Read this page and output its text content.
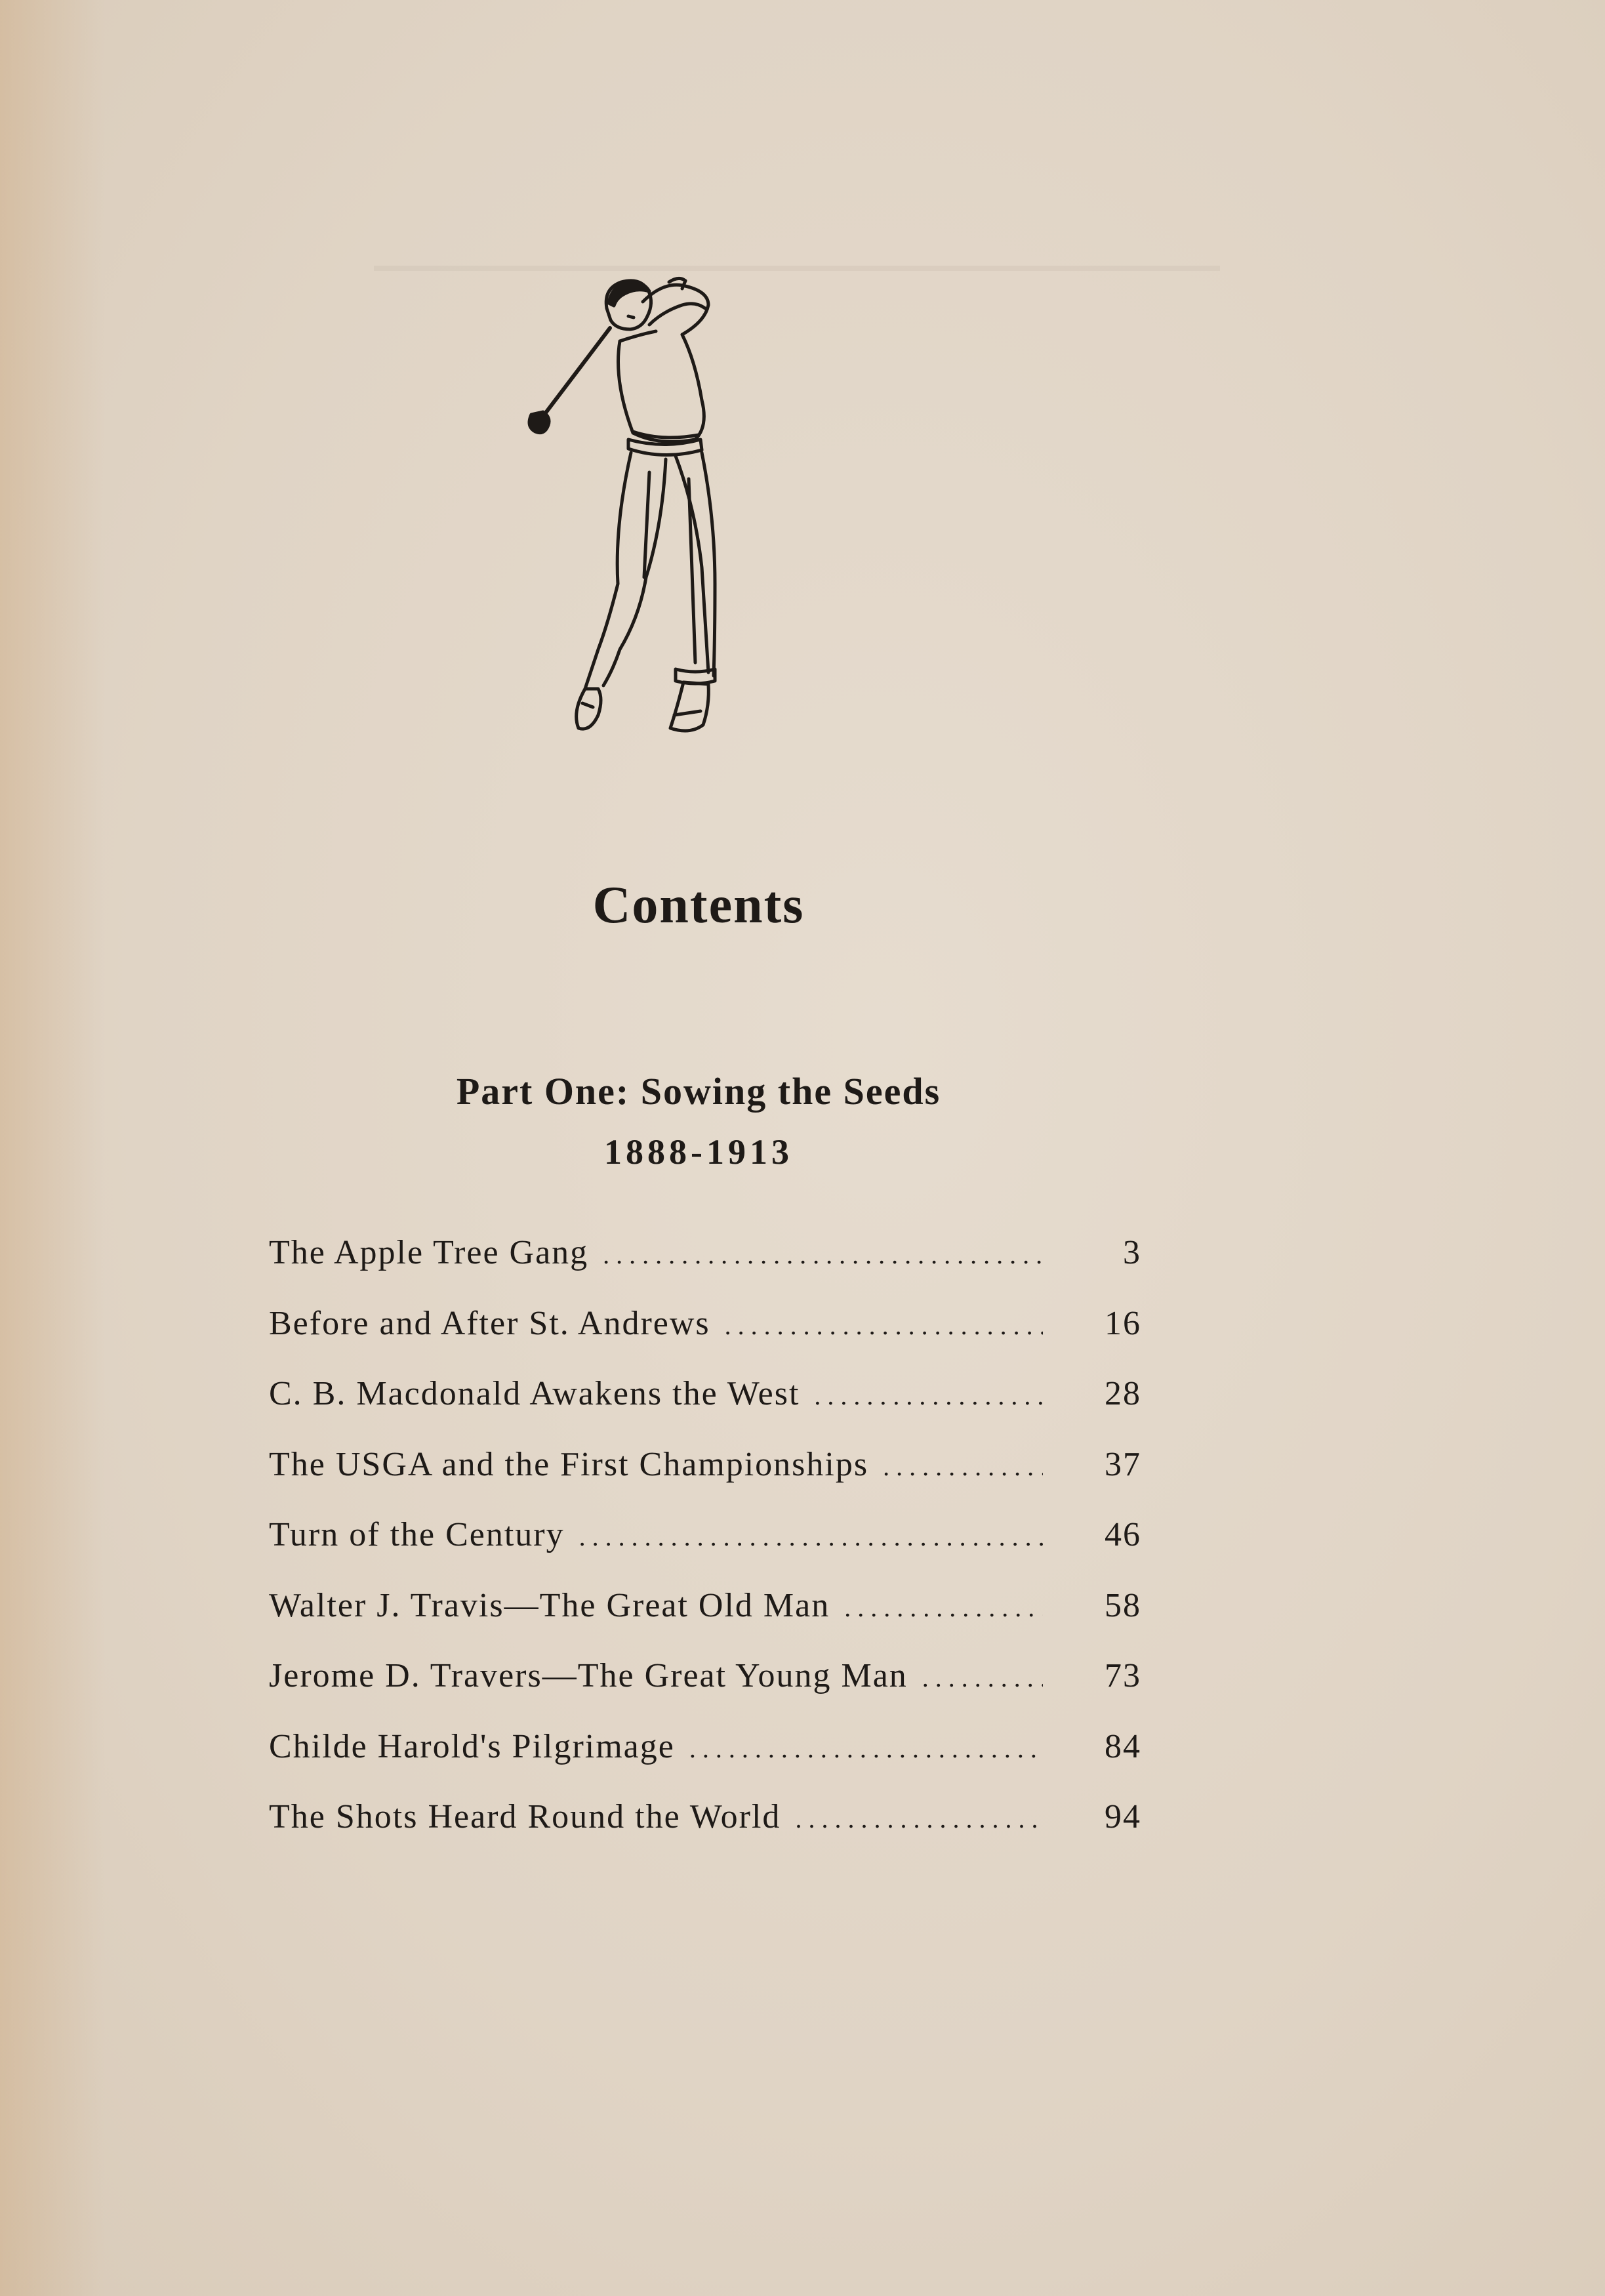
Contents
Part One: Sowing the Seeds
1888-1913
The Apple Tree Gang . . .	3
Before and After St. Andrews . . .	16
C. B. Macdonald Awakens the West . . .	28
The USGA and the First Championships . . .	37
Turn of the Century . . .	46
Walter J. Travis—The Great Old Man . . .	58
Jerome D. Travers—The Great Young Man . . .	73
Childe Harold's Pilgrimage . . .	84
The Shots Heard Round the World . . .	94
